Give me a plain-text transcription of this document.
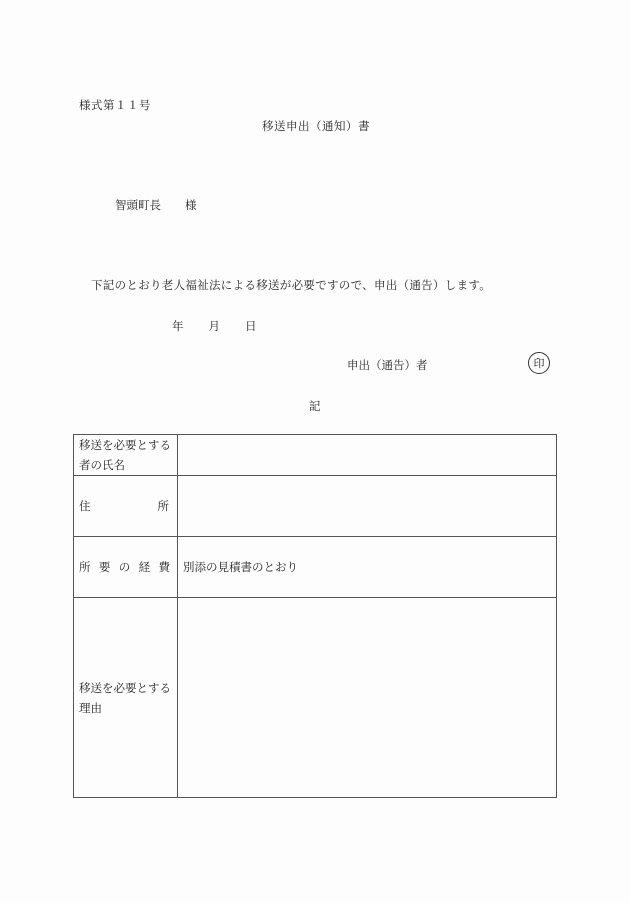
様式第１１号
移送申出（通知）書
智頭町長 様
下記のとおり老人福祉法による移送が必要ですので、申出（通告）します。
年 月 日
申出（通告）者	印
記
移送を必要とする者の氏名	

住 所	

所 要 の 経 費	別添の見積書のとおり
移送を必要とする理由	
